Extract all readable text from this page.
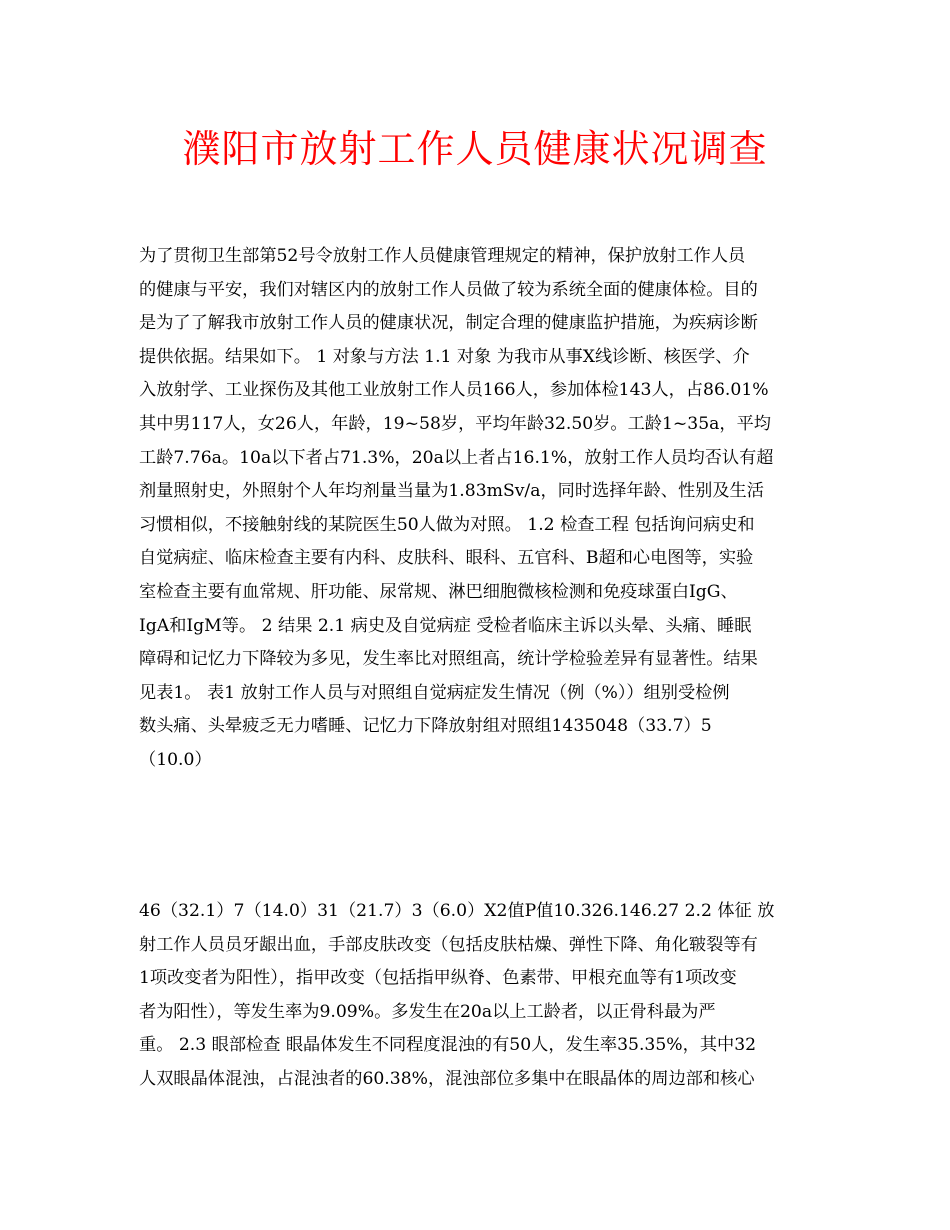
濮阳市放射工作人员健康状况调查
为了贯彻卫生部第52号令放射工作人员健康管理规定的精神，保护放射工作人员
的健康与平安，我们对辖区内的放射工作人员做了较为系统全面的健康体检。目的
是为了了解我市放射工作人员的健康状况，制定合理的健康监护措施，为疾病诊断
提供依据。结果如下。 1 对象与方法 1.1 对象 为我市从事X线诊断、核医学、介
入放射学、工业探伤及其他工业放射工作人员166人，参加体检143人，占86.01%
其中男117人，女26人，年龄，19~58岁，平均年龄32.50岁。工龄1~35a，平均
工龄7.76a。10a以下者占71.3%，20a以上者占16.1%，放射工作人员均否认有超
剂量照射史，外照射个人年均剂量当量为1.83mSv/a，同时选择年龄、性别及生活
习惯相似，不接触射线的某院医生50人做为对照。 1.2 检查工程 包括询问病史和
自觉病症、临床检查主要有内科、皮肤科、眼科、五官科、B超和心电图等，实验
室检查主要有血常规、肝功能、尿常规、淋巴细胞微核检测和免疫球蛋白IgG、
IgA和IgM等。 2 结果 2.1 病史及自觉病症 受检者临床主诉以头晕、头痛、睡眠
障碍和记忆力下降较为多见，发生率比对照组高，统计学检验差异有显著性。结果
见表1。 表1 放射工作人员与对照组自觉病症发生情况（例（%））组别受检例
数头痛、头晕疲乏无力嗜睡、记忆力下降放射组对照组1435048（33.7）5
（10.0）
46（32.1）7（14.0）31（21.7）3（6.0）X2值P值10.326.146.27 2.2 体征 放
射工作人员员牙龈出血，手部皮肤改变（包括皮肤枯燥、弹性下降、角化皲裂等有
1项改变者为阳性），指甲改变（包括指甲纵脊、色素带、甲根充血等有1项改变
者为阳性），等发生率为9.09%。多发生在20a以上工龄者，以正骨科最为严
重。 2.3 眼部检查 眼晶体发生不同程度混浊的有50人，发生率35.35%，其中32
人双眼晶体混浊，占混浊者的60.38%，混浊部位多集中在眼晶体的周边部和核心
